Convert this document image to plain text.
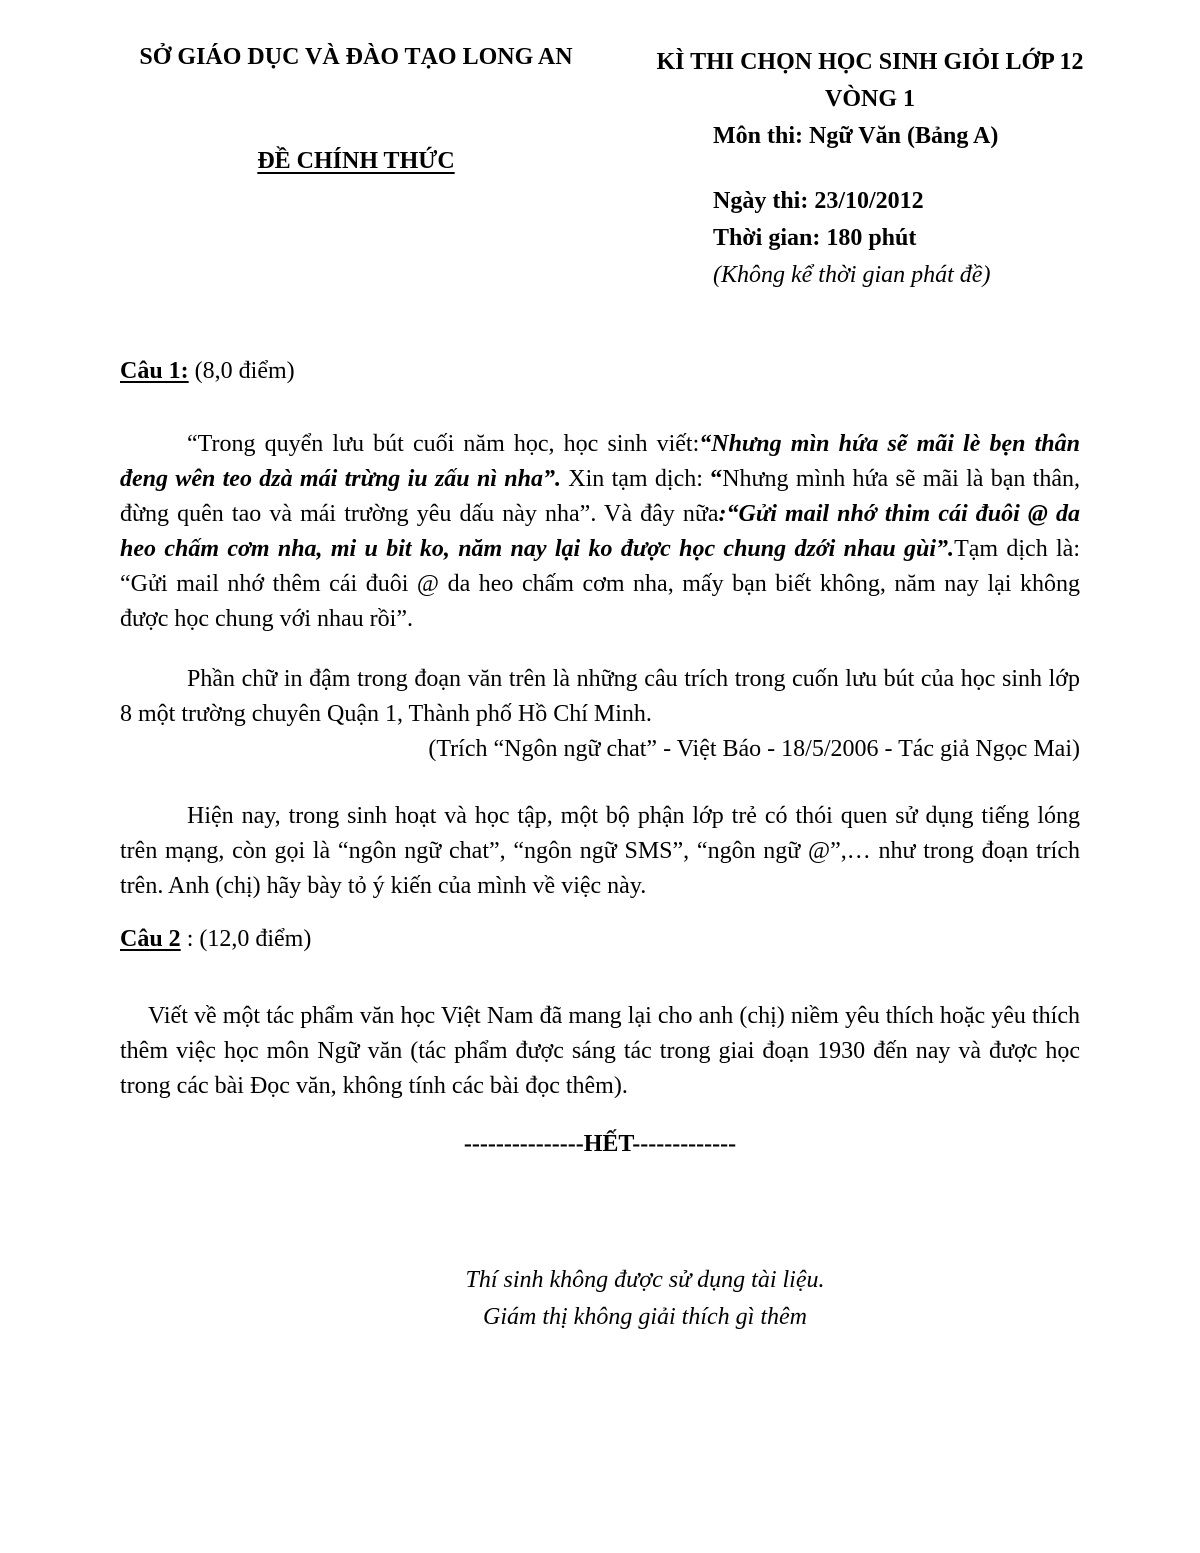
SỞ GIÁO DỤC VÀ ĐÀO TẠO LONG AN
ĐỀ CHÍNH THỨC
KÌ THI CHỌN HỌC SINH GIỎI LỚP 12
VÒNG 1
Môn thi: Ngữ Văn (Bảng A)
Ngày thi: 23/10/2012
Thời gian: 180 phút
(Không kể thời gian phát đề)
Câu 1: (8,0 điểm)

“Trong quyển lưu bút cuối năm học, học sinh viết:“Nhưng mìn hứa sẽ mãi lè bẹn thân đeng wên teo dzà mái trừng iu zấu nì nha”. Xin tạm dịch: “Nhưng mình hứa sẽ mãi là bạn thân, đừng quên tao và mái trường yêu dấu này nha”. Và đây nữa:“Gửi mail nhớ thim cái đuôi @ da heo chấm cơm nha, mi u bit ko, năm nay lại ko được học chung dzới nhau gùi”.Tạm dịch là: “Gửi mail nhớ thêm cái đuôi @ da heo chấm cơm nha, mấy bạn biết không, năm nay lại không được học chung với nhau rồi”.

Phần chữ in đậm trong đoạn văn trên là những câu trích trong cuốn lưu bút của học sinh lớp 8 một trường chuyên Quận 1, Thành phố Hồ Chí Minh.

(Trích “Ngôn ngữ chat” - Việt Báo - 18/5/2006 - Tác giả Ngọc Mai)

Hiện nay, trong sinh hoạt và học tập, một bộ phận lớp trẻ có thói quen sử dụng tiếng lóng trên mạng, còn gọi là “ngôn ngữ chat”, “ngôn ngữ SMS”, “ngôn ngữ @”,… như trong đoạn trích trên. Anh (chị) hãy bày tỏ ý kiến của mình về việc này.

Câu 2 : (12,0 điểm)

Viết về một tác phẩm văn học Việt Nam đã mang lại cho anh (chị) niềm yêu thích hoặc yêu thích thêm việc học môn Ngữ văn (tác phẩm được sáng tác trong giai đoạn 1930 đến nay và được học trong các bài Đọc văn, không tính các bài đọc thêm).

---------------HẾT-------------
Thí sinh không được sử dụng tài liệu.
Giám thị không giải thích gì thêm
